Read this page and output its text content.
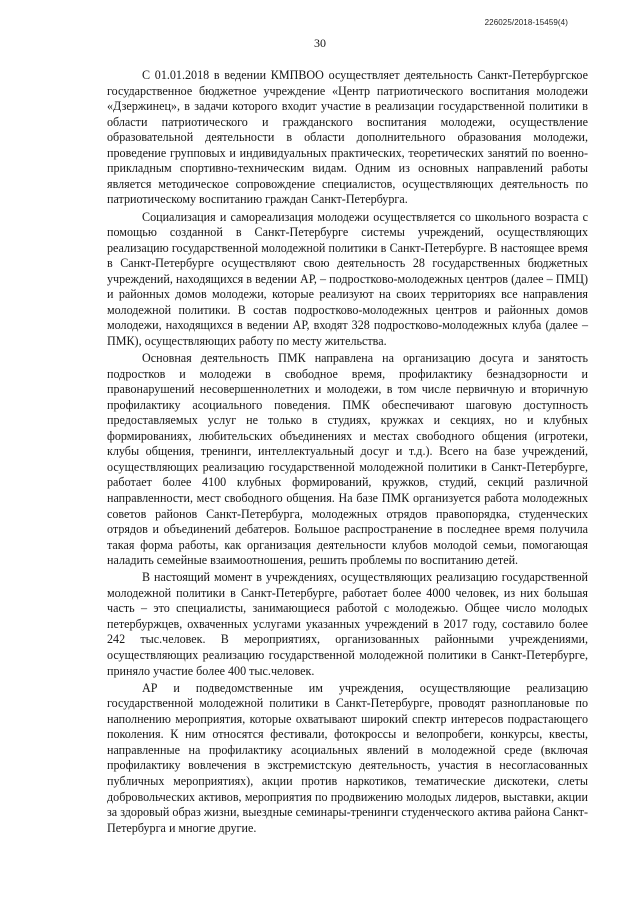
226025/2018-15459(4)
30

С 01.01.2018 в ведении КМПВОО осуществляет деятельность Санкт-Петербургское государственное бюджетное учреждение «Центр патриотического воспитания молодежи «Дзержинец», в задачи которого входит участие в реализации государственной политики в области патриотического и гражданского воспитания молодежи, осуществление образовательной деятельности в области дополнительного образования молодежи, проведение групповых и индивидуальных практических, теоретических занятий по военно-прикладным спортивно-техническим видам. Одним из основных направлений работы является методическое сопровождение специалистов, осуществляющих деятельность по патриотическому воспитанию граждан Санкт-Петербурга.

Социализация и самореализация молодежи осуществляется со школьного возраста с помощью созданной в Санкт-Петербурге системы учреждений, осуществляющих реализацию государственной молодежной политики в Санкт-Петербурге. В настоящее время в Санкт-Петербурге осуществляют свою деятельность 28 государственных бюджетных учреждений, находящихся в ведении АР, – подростково-молодежных центров (далее – ПМЦ) и районных домов молодежи, которые реализуют на своих территориях все направления молодежной политики. В состав подростково-молодежных центров и районных домов молодежи, находящихся в ведении АР, входят 328 подростково-молодежных клуба (далее – ПМК), осуществляющих работу по месту жительства.

Основная деятельность ПМК направлена на организацию досуга и занятость подростков и молодежи в свободное время, профилактику безнадзорности и правонарушений несовершеннолетних и молодежи, в том числе первичную и вторичную профилактику асоциального поведения. ПМК обеспечивают шаговую доступность предоставляемых услуг не только в студиях, кружках и секциях, но и клубных формированиях, любительских объединениях и местах свободного общения (игротеки, клубы общения, тренинги, интеллектуальный досуг и т.д.). Всего на базе учреждений, осуществляющих реализацию государственной молодежной политики в Санкт-Петербурге, работает более 4100 клубных формирований, кружков, студий, секций различной направленности, мест свободного общения. На базе ПМК организуется работа молодежных советов районов Санкт-Петербурга, молодежных отрядов правопорядка, студенческих отрядов и объединений дебатеров. Большое распространение в последнее время получила такая форма работы, как организация деятельности клубов молодой семьи, помогающая наладить семейные взаимоотношения, решить проблемы по воспитанию детей.

В настоящий момент в учреждениях, осуществляющих реализацию государственной молодежной политики в Санкт-Петербурге, работает более 4000 человек, из них большая часть – это специалисты, занимающиеся работой с молодежью. Общее число молодых петербуржцев, охваченных услугами указанных учреждений в 2017 году, составило более 242 тыс.человек. В мероприятиях, организованных районными учреждениями, осуществляющих реализацию государственной молодежной политики в Санкт-Петербурге, приняло участие более 400 тыс.человек.

АР и подведомственные им учреждения, осуществляющие реализацию государственной молодежной политики в Санкт-Петербурге, проводят разноплановые по наполнению мероприятия, которые охватывают широкий спектр интересов подрастающего поколения. К ним относятся фестивали, фотокроссы и велопробеги, конкурсы, квесты, направленные на профилактику асоциальных явлений в молодежной среде (включая профилактику вовлечения в экстремистскую деятельность, участия в несогласованных публичных мероприятиях), акции против наркотиков, тематические дискотеки, слеты добровольческих активов, мероприятия по продвижению молодых лидеров, выставки, акции за здоровый образ жизни, выездные семинары-тренинги студенческого актива района Санкт-Петербурга и многие другие.
